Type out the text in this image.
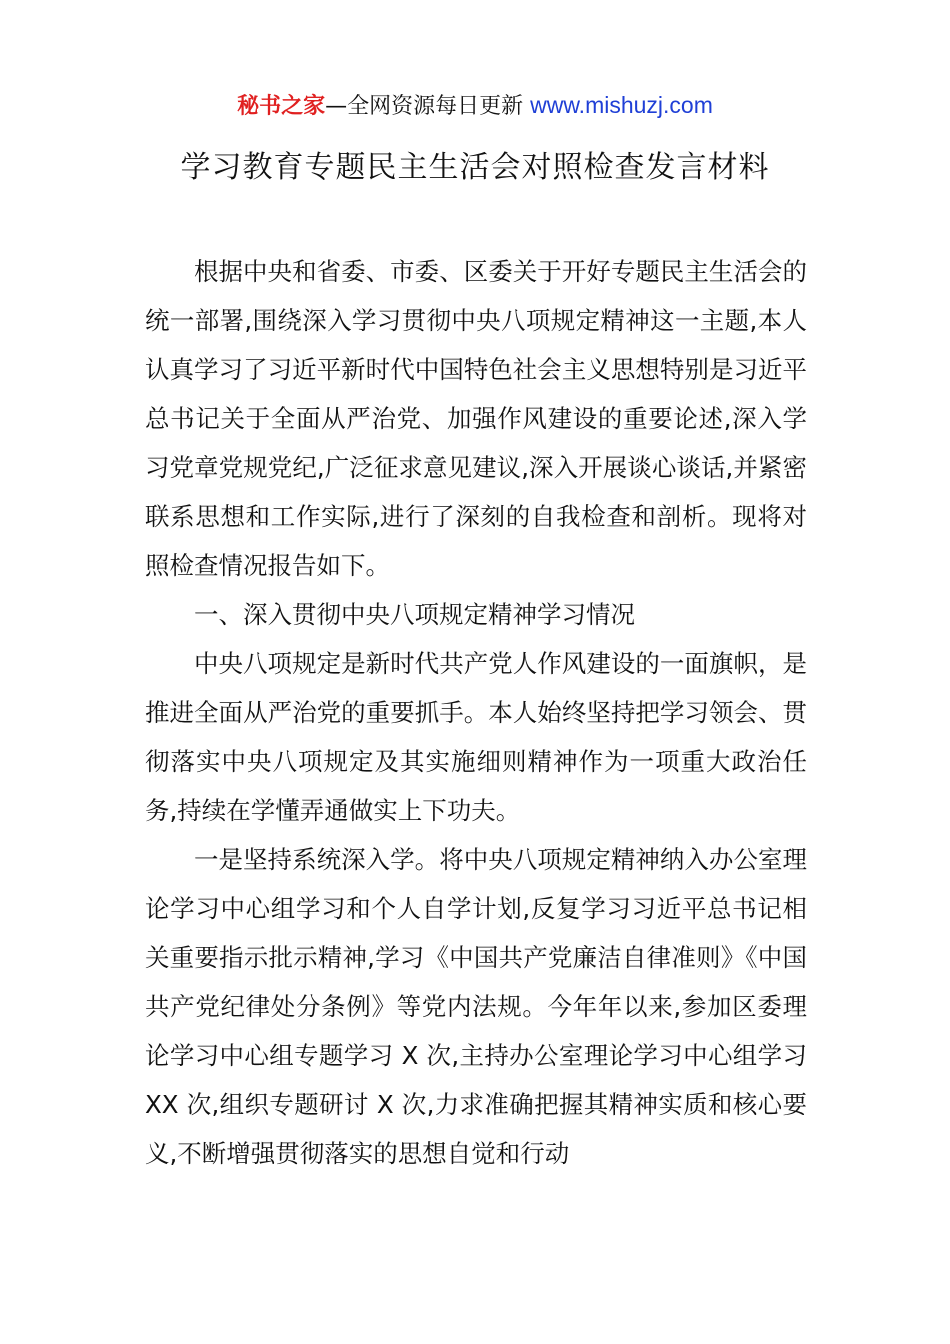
秘书之家—全网资源每日更新 www.mishuzj.com
学习教育专题民主生活会对照检查发言材料

根据中央和省委、市委、区委关于开好专题民主生活会的统一部署,围绕深入学习贯彻中央八项规定精神这一主题,本人认真学习了习近平新时代中国特色社会主义思想特别是习近平总书记关于全面从严治党、加强作风建设的重要论述,深入学习党章党规党纪,广泛征求意见建议,深入开展谈心谈话,并紧密联系思想和工作实际,进行了深刻的自我检查和剖析。现将对照检查情况报告如下。

一、深入贯彻中央八项规定精神学习情况

中央八项规定是新时代共产党人作风建设的一面旗帜，是推进全面从严治党的重要抓手。本人始终坚持把学习领会、贯彻落实中央八项规定及其实施细则精神作为一项重大政治任务,持续在学懂弄通做实上下功夫。

一是坚持系统深入学。将中央八项规定精神纳入办公室理论学习中心组学习和个人自学计划,反复学习习近平总书记相关重要指示批示精神,学习《中国共产党廉洁自律准则》《中国共产党纪律处分条例》等党内法规。今年年以来,参加区委理论学习中心组专题学习 X 次,主持办公室理论学习中心组学习 XX 次,组织专题研讨 X 次,力求准确把握其精神实质和核心要义,不断增强贯彻落实的思想自觉和行动
